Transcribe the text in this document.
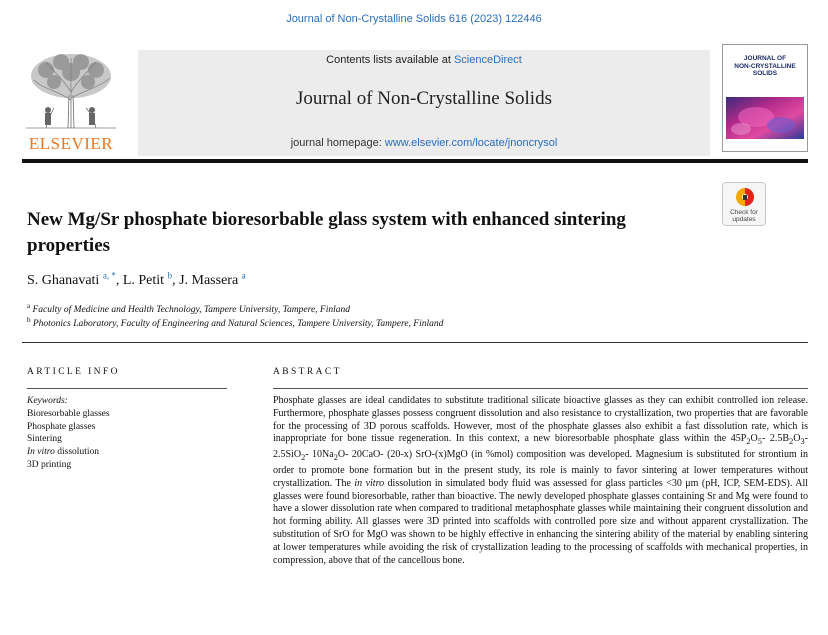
Journal of Non-Crystalline Solids 616 (2023) 122446
ELSEVIER
Contents lists available at ScienceDirect
Journal of Non-Crystalline Solids
journal homepage: www.elsevier.com/locate/jnoncrysol
JOURNAL OF
NON-CRYSTALLINE SOLIDS
Check for updates
New Mg/Sr phosphate bioresorbable glass system with enhanced sintering properties
S. Ghanavati $^{a, *}$, L. Petit $^b$, J. Massera $^a$
$^a$ Faculty of Medicine and Health Technology, Tampere University, Tampere, Finland
$^b$ Photonics Laboratory, Faculty of Engineering and Natural Sciences, Tampere University, Tampere, Finland
ARTICLE INFO	ABSTRACT
Keywords:
Bioresorbable glasses
Phosphate glasses
Sintering
In vitro dissolution
3D printing

Phosphate glasses are ideal candidates to substitute traditional silicate bioactive glasses as they can exhibit controlled ion release. Furthermore, phosphate glasses possess congruent dissolution and also resistance to crystallization, two properties that are favorable for the processing of 3D porous scaffolds. However, most of the phosphate glasses also exhibit a fast dissolution rate, which is inappropriate for bone tissue regeneration. In this context, a new bioresorbable phosphate glass within the $45P_2O_5-$ $2.5B_2O_3-$ 2.5SiO$_2$- $10Na_2O-$ 20CaO- (20-x) SrO-(x)MgO (in %mol) composition was developed. Magnesium is substituted for strontium in order to promote bone formation but in the present study, its role is mainly to favor sintering at lower temperatures without crystallization. The in vitro dissolution in simulated body fluid was assessed for glass particles <30 μm (pH, ICP, SEM-EDS). All glasses were found bioresorbable, rather than bioactive. The newly developed phosphate glasses containing Sr and Mg were found to have a slower dissolution rate when compared to traditional metaphosphate glasses while maintaining their congruent dissolution and hot forming ability. All glasses were 3D printed into scaffolds with controlled pore size and without apparent crystallization. The substitution of SrO for MgO was shown to be highly effective in enhancing the sintering ability of the material by enabling sintering at lower temperatures while avoiding the risk of crystallization leading to the processing of scaffolds with mechanical properties, in compression, above that of the cancellous bone.
